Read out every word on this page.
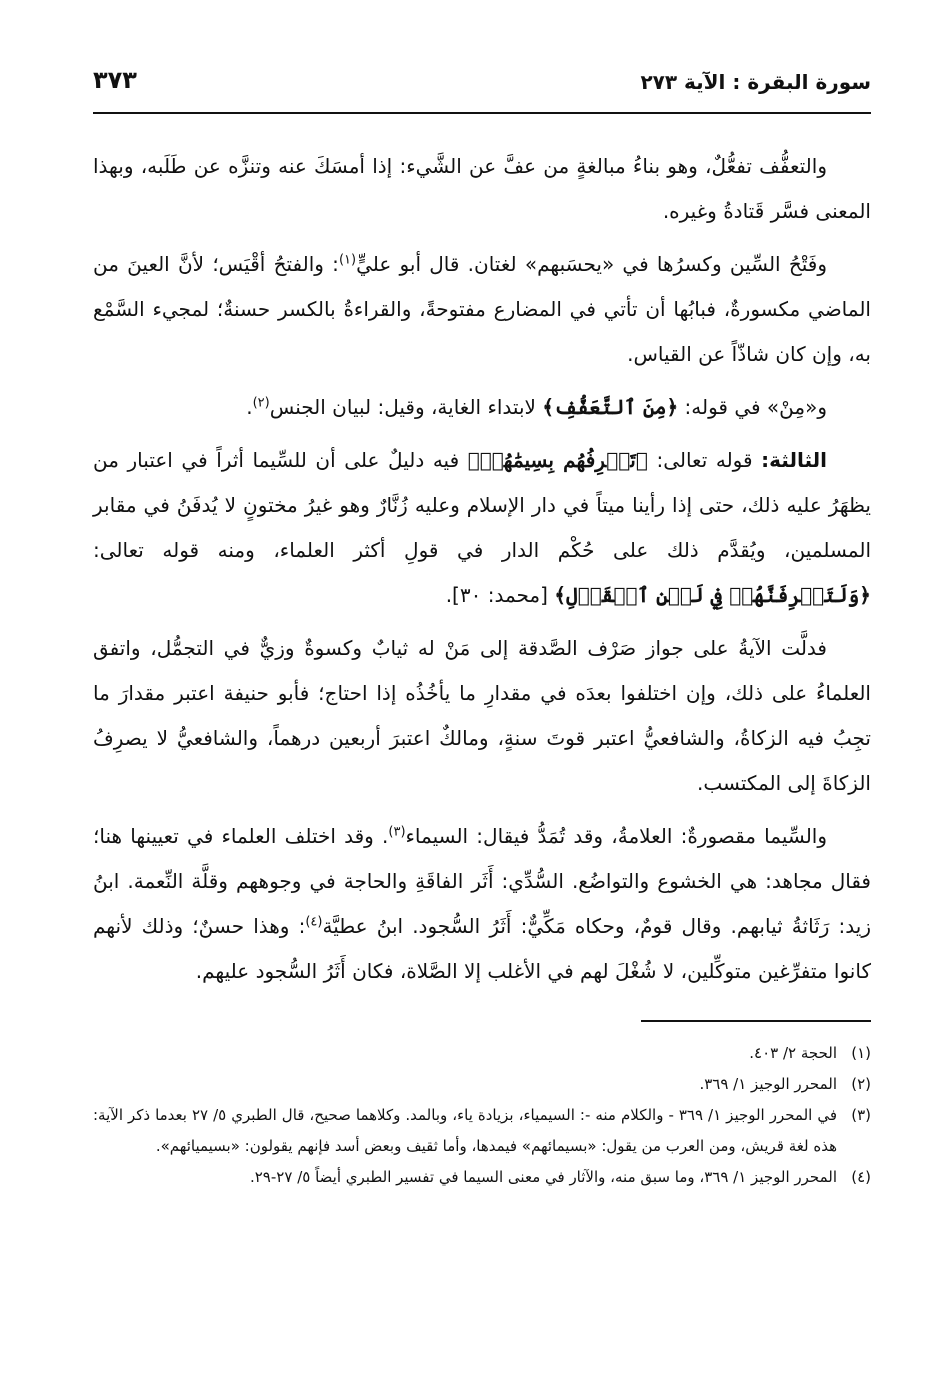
سورة البقرة : الآية ٢٧٣
٣٧٣

والتعفُّف تفعُّلٌ، وهو بناءُ مبالغةٍ من عفَّ عن الشَّيء: إذا أمسَكَ عنه وتنزَّه عن طَلَبه، وبهذا المعنى فسَّر قَتادةُ وغيره.

وفَتْحُ السِّين وكسرُها في «يحسَبهم» لغتان. قال أبو عليٍّ$^{(١)}$: والفتحُ أقْيَس؛ لأنَّ العينَ من الماضي مكسورةٌ، فبابُها أن تأتي في المضارع مفتوحةً، والقراءةُ بالكسر حسنةٌ؛ لمجيء السَّمْع به، وإن كان شاذّاً عن القياس.

و«مِنْ» في قوله: ﴿مِنَ ٱلتَّعَفُّفِ﴾ لابتداء الغاية، وقيل: لبيان الجنس$^{(٢)}$.

الثالثة: قوله تعالى: ﴿تَعۡرِفُهُم بِسِيمَٰهُمۡ﴾ فيه دليلٌ على أن للسِّيما أثراً في اعتبار من يظهَرُ عليه ذلك، حتى إذا رأينا ميتاً في دار الإسلام وعليه زُنَّارٌ وهو غيرُ مختونٍ لا يُدفَنُ في مقابر المسلمين، ويُقدَّم ذلك على حُكْم الدار في قولِ أكثر العلماء، ومنه قوله تعالى: ﴿وَلَتَعۡرِفَنَّهُمۡ فِي لَحۡنِ ٱلۡقَوۡلِ﴾ [محمد: ٣٠].

فدلَّت الآيةُ على جواز صَرْف الصَّدقة إلى مَنْ له ثيابٌ وكسوةٌ وزيٌّ في التجمُّل، واتفق العلماءُ على ذلك، وإن اختلفوا بعدَه في مقدارِ ما يأخُذُه إذا احتاج؛ فأبو حنيفة اعتبر مقدارَ ما تجِبُ فيه الزكاةُ، والشافعيُّ اعتبر قوتَ سنةٍ، ومالكٌ اعتبرَ أربعين درهماً، والشافعيُّ لا يصرِفُ الزكاةَ إلى المكتسب.

والسِّيما مقصورةٌ: العلامةُ، وقد تُمَدُّ فيقال: السيماء$^{(٣)}$. وقد اختلف العلماء في تعيينها هنا؛ فقال مجاهد: هي الخشوع والتواضُع. السُّدِّي: أَثَر الفاقَةِ والحاجة في وجوههم وقلَّة النِّعمة. ابنُ زيد: رَثَاثةُ ثيابهم. وقال قومٌ، وحكاه مَكِّيٌّ: أَثَرُ السُّجود. ابنُ عطيَّة$^{(٤)}$: وهذا حسنٌ؛ وذلك لأنهم كانوا متفرِّغين متوكِّلين، لا شُغْلَ لهم في الأغلب إلا الصَّلاة، فكان أَثَرُ السُّجود عليهم.

(١)
الحجة ٢/ ٤٠٣.
(٢)
المحرر الوجيز ١/ ٣٦٩.
(٣)
في المحرر الوجيز ١/ ٣٦٩ - والكلام منه -: السيمياء، بزيادة ياء، وبالمد. وكلاهما صحيح، قال الطبري ٥/ ٢٧ بعدما ذكر الآية: هذه لغة قريش، ومن العرب من يقول: «بسيمائهم» فيمدها، وأما ثقيف وبعض أسد فإنهم يقولون: «بسيميائهم».
(٤)
المحرر الوجيز ١/ ٣٦٩، وما سبق منه، والآثار في معنى السيما في تفسير الطبري أيضاً ٥/ ٢٧-٢٩.
